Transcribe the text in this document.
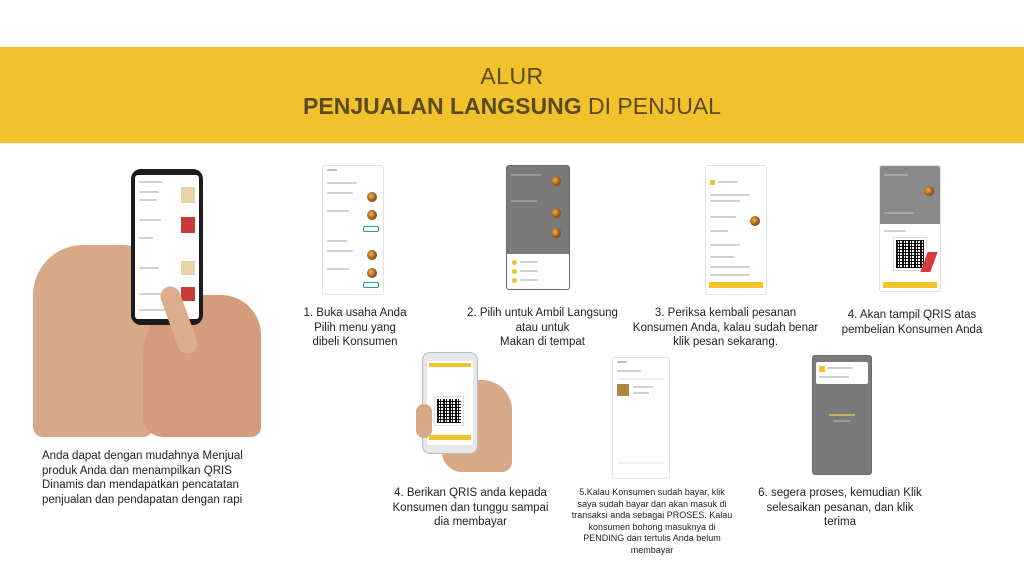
ALUR
PENJUALAN LANGSUNG DI PENJUAL
Anda dapat dengan mudahnya Menjual produk Anda dan menampilkan QRIS Dinamis dan mendapatkan pencatatan penjualan dan pendapatan dengan rapi
1. Buka usaha Anda
Pilih menu yang
dibeli Konsumen
2. Pilih untuk Ambil Langsung
atau untuk
Makan di tempat
3. Periksa kembali pesanan
Konsumen Anda, kalau sudah benar
klik pesan sekarang.
4. Akan tampil QRIS atas
pembelian Konsumen Anda
4. Berikan QRIS anda kepada
Konsumen dan tunggu sampai
dia membayar
5.Kalau Konsumen sudah bayar, klik
saya sudah bayar dan akan masuk di
transaksi anda sebagai PROSES. Kalau
konsumen bohong masuknya di
PENDING dan tertulis Anda belum
membayar
6. segera proses, kemudian Klik
selesaikan pesanan, dan klik
terima
